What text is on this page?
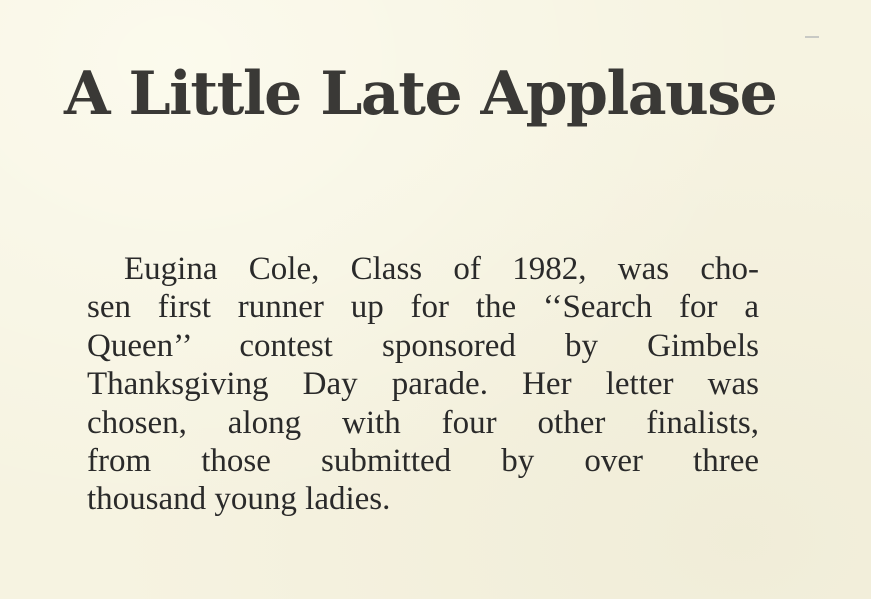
A Little Late Applause

Eugina Cole, Class of 1982, was cho-
sen first runner up for the ‘‘Search for a
Queen’’ contest sponsored by Gimbels
Thanksgiving Day parade. Her letter was
chosen, along with four other finalists,
from those submitted by over three
thousand young ladies.
